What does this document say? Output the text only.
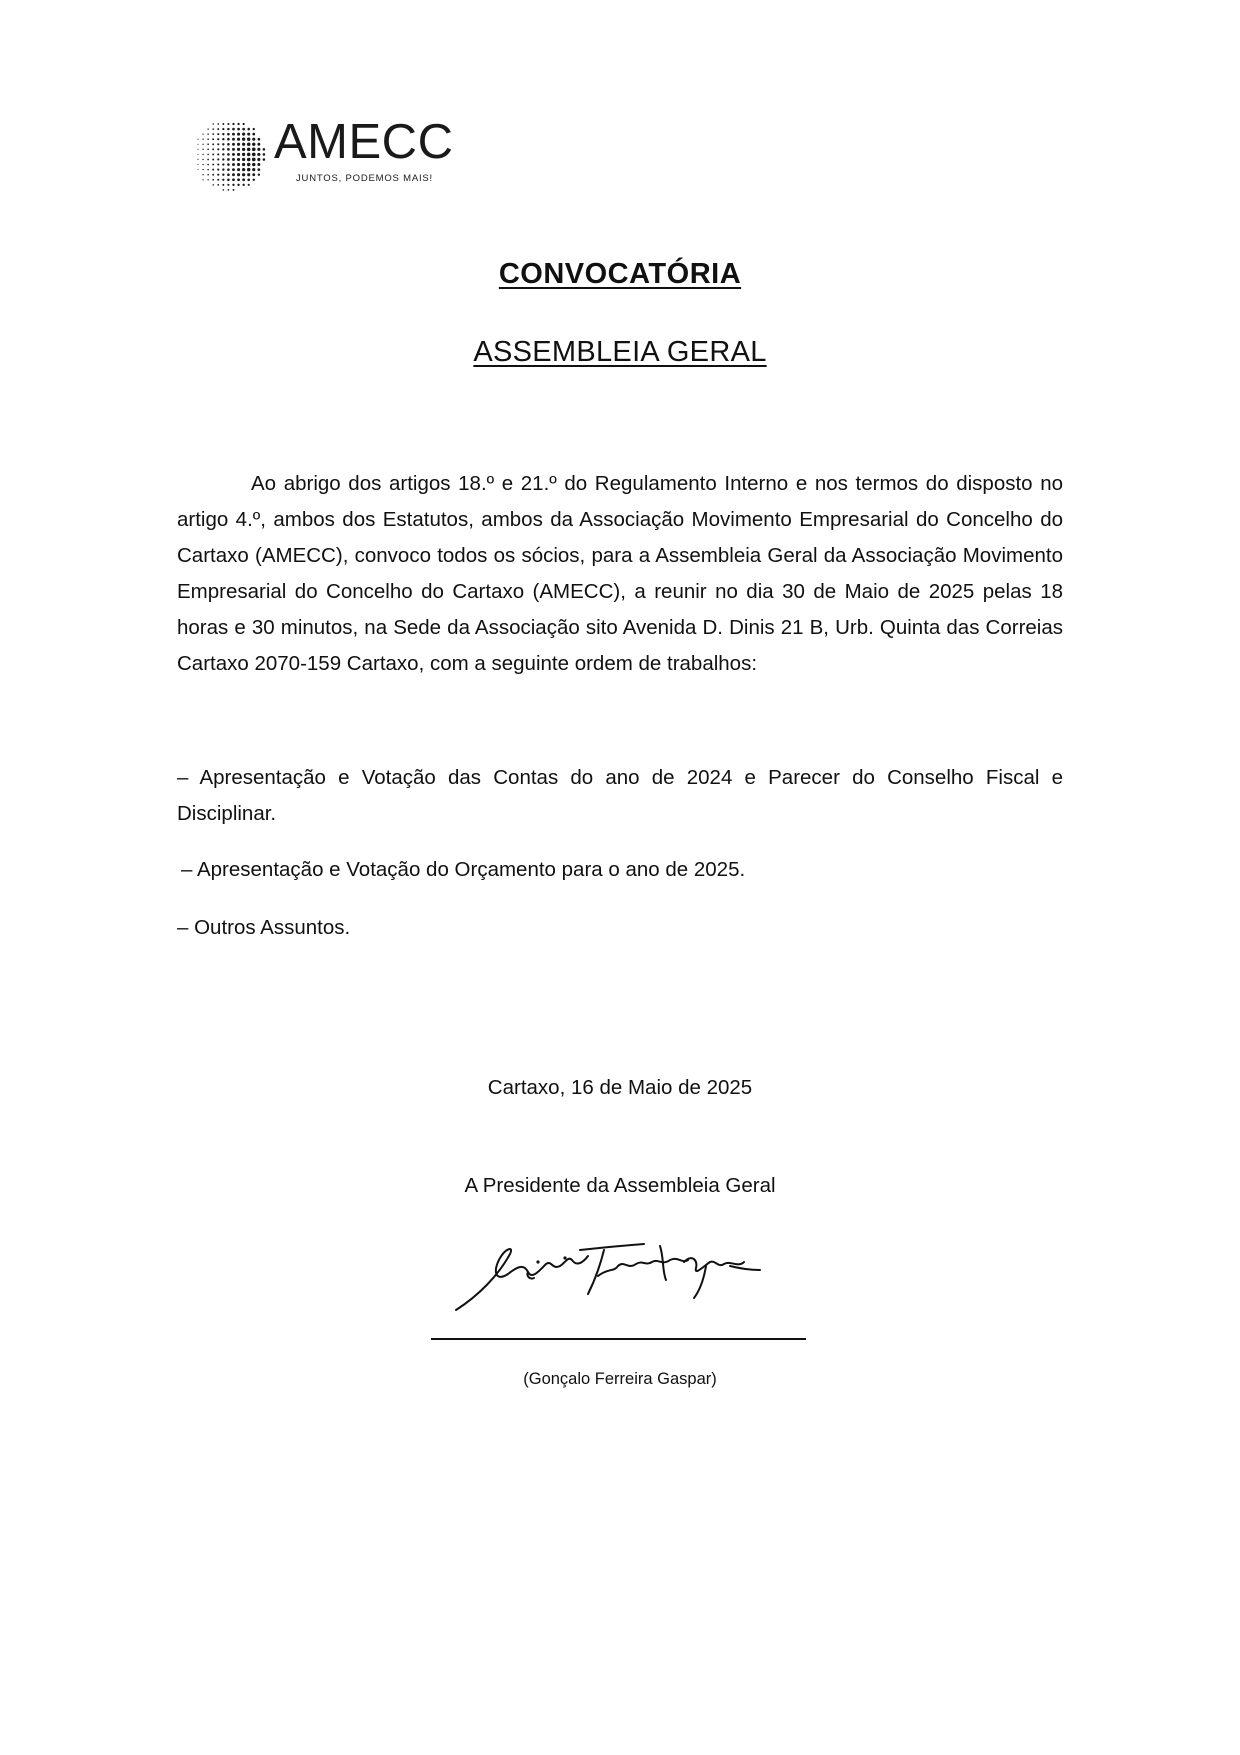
AMECC
JUNTOS, PODEMOS MAIS!
CONVOCATÓRIA
ASSEMBLEIA GERAL

Ao abrigo dos artigos 18.º e 21.º do Regulamento Interno e nos termos do disposto no artigo 4.º, ambos dos Estatutos, ambos da Associação Movimento Empresarial do Concelho do Cartaxo (AMECC), convoco todos os sócios, para a Assembleia Geral da Associação Movimento Empresarial do Concelho do Cartaxo (AMECC), a reunir no dia 30 de Maio de 2025 pelas 18 horas e 30 minutos, na Sede da Associação sito Avenida D. Dinis 21 B, Urb. Quinta das Correias Cartaxo 2070-159 Cartaxo, com a seguinte ordem de trabalhos:

– Apresentação e Votação das Contas do ano de 2024 e Parecer do Conselho Fiscal e Disciplinar.

– Apresentação e Votação do Orçamento para o ano de 2025.

– Outros Assuntos.

Cartaxo, 16 de Maio de 2025
A Presidente da Assembleia Geral
(Gonçalo Ferreira Gaspar)
